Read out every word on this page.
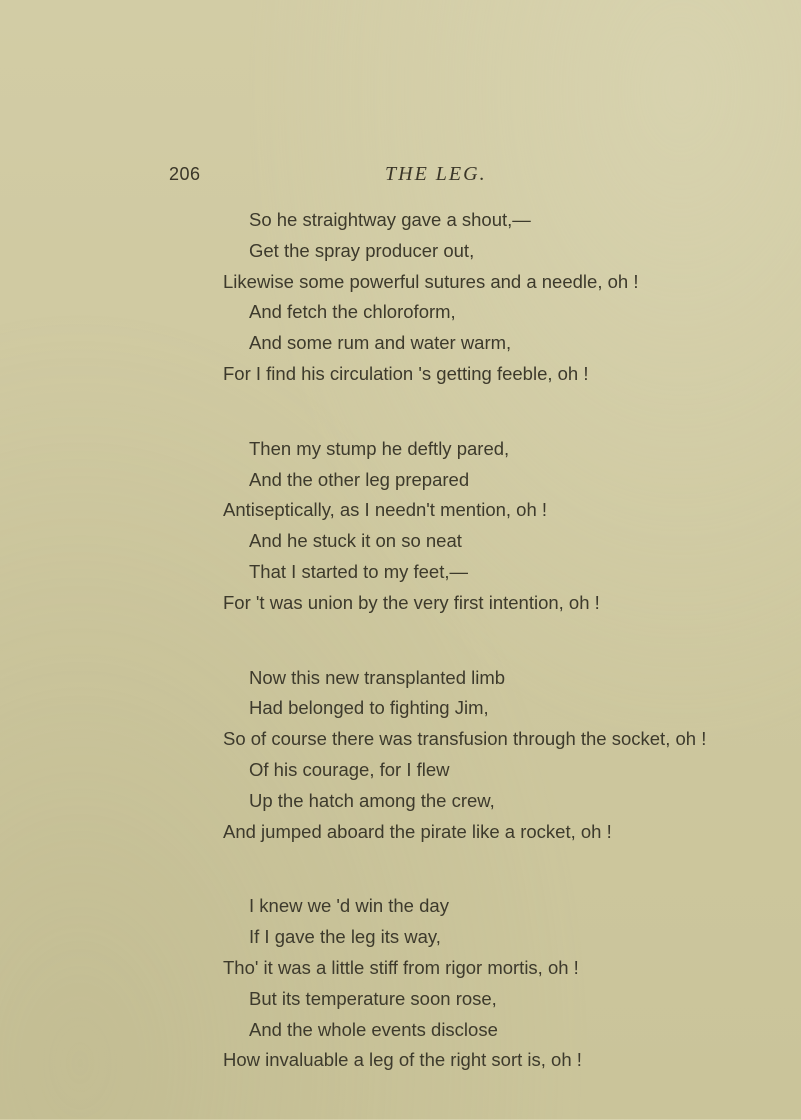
206	THE LEG.
So he straightway gave a shout,—
Get the spray producer out,
Likewise some powerful sutures and a needle, oh !
And fetch the chloroform,
And some rum and water warm,
For I find his circulation 's getting feeble, oh !
Then my stump he deftly pared,
And the other leg prepared
Antiseptically, as I needn't mention, oh !
And he stuck it on so neat
That I started to my feet,—
For 't was union by the very first intention, oh !
Now this new transplanted limb
Had belonged to fighting Jim,
So of course there was transfusion through the socket, oh !
Of his courage, for I flew
Up the hatch among the crew,
And jumped aboard the pirate like a rocket, oh !
I knew we 'd win the day
If I gave the leg its way,
Tho' it was a little stiff from rigor mortis, oh !
But its temperature soon rose,
And the whole events disclose
How invaluable a leg of the right sort is, oh !
